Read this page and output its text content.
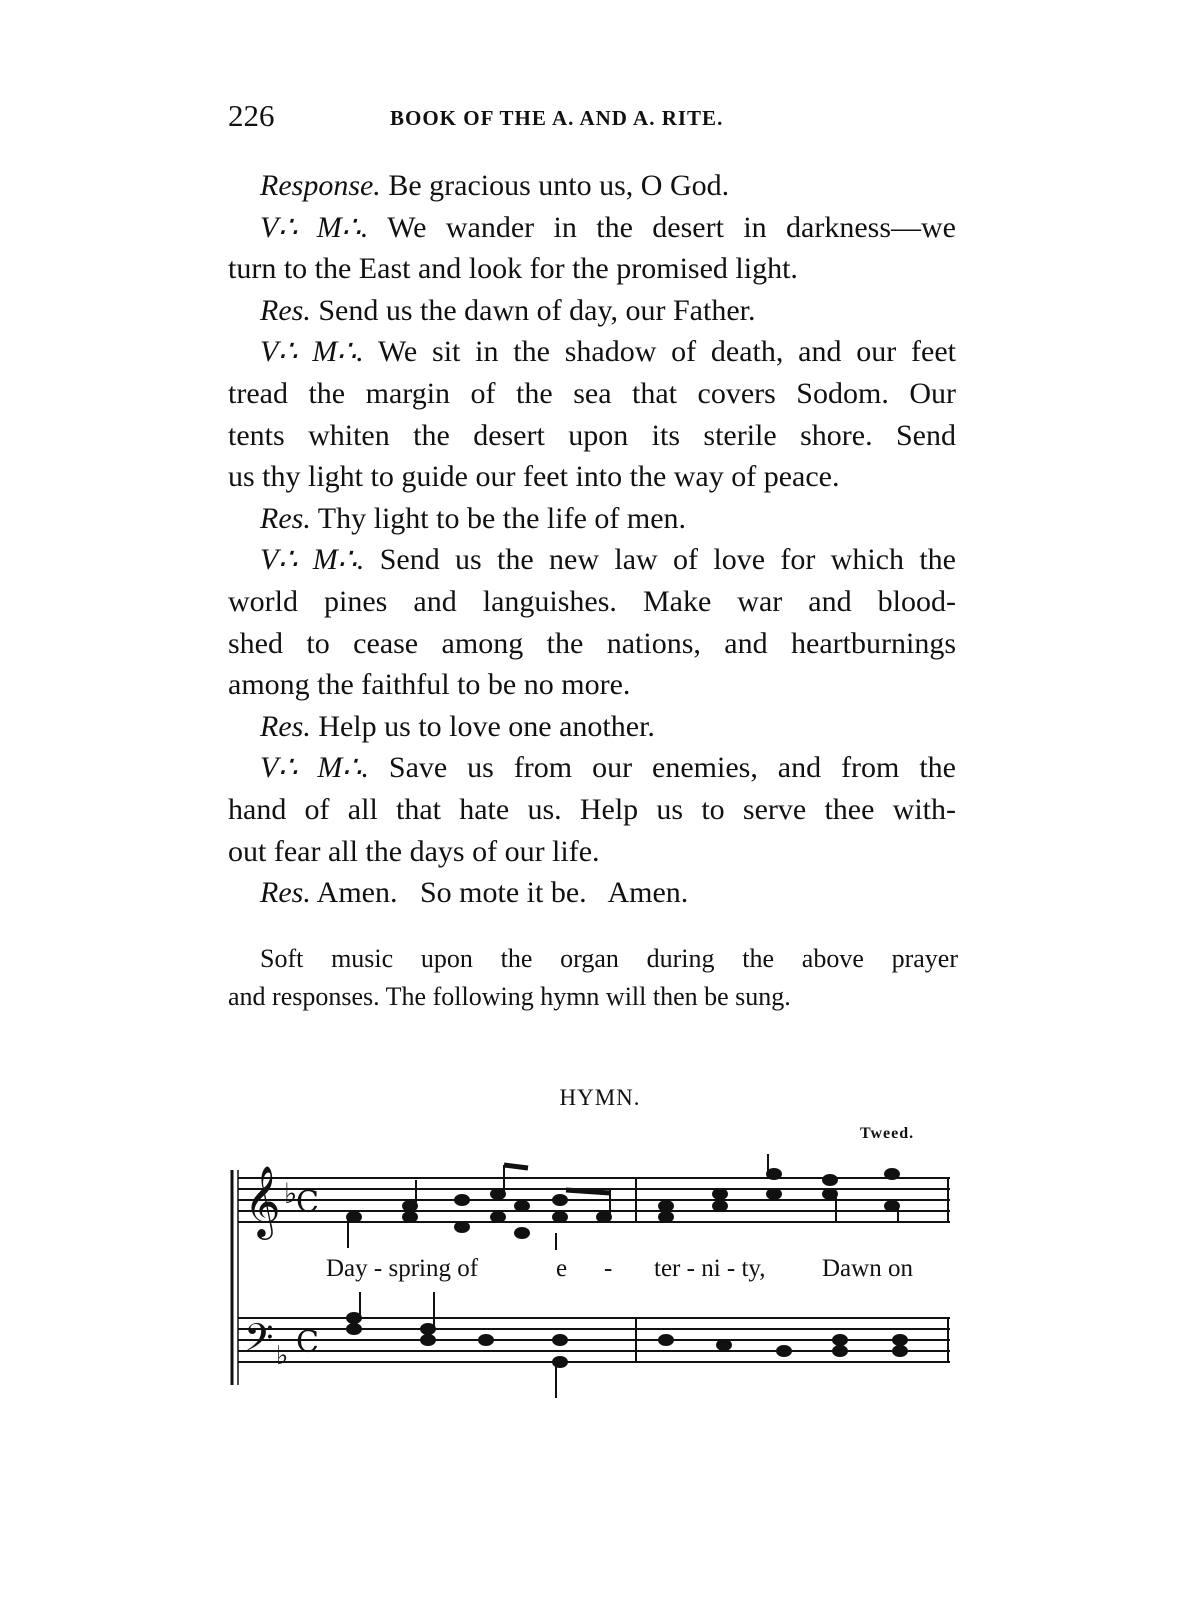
226	BOOK OF THE A. AND A. RITE.
Response. Be gracious unto us, O God.
V∴ M∴. We wander in the desert in darkness—we
turn to the East and look for the promised light.
Res. Send us the dawn of day, our Father.
V∴ M∴. We sit in the shadow of death, and our feet
tread the margin of the sea that covers Sodom. Our
tents whiten the desert upon its sterile shore. Send
us thy light to guide our feet into the way of peace.
Res. Thy light to be the life of men.
V∴ M∴. Send us the new law of love for which the
world pines and languishes. Make war and blood-
shed to cease among the nations, and heartburnings
among the faithful to be no more.
Res. Help us to love one another.
V∴ M∴. Save us from our enemies, and from the
hand of all that hate us. Help us to serve thee with-
out fear all the days of our life.
Res. Amen.   So mote it be.   Amen.
Soft music upon the organ during the above prayer
and responses. The following hymn will then be sung.
HYMN.
Tweed.
𝄞 ♭
C
𝄢 ♭ C
Day - spring of	e - ter - ni - ty, Dawn on
